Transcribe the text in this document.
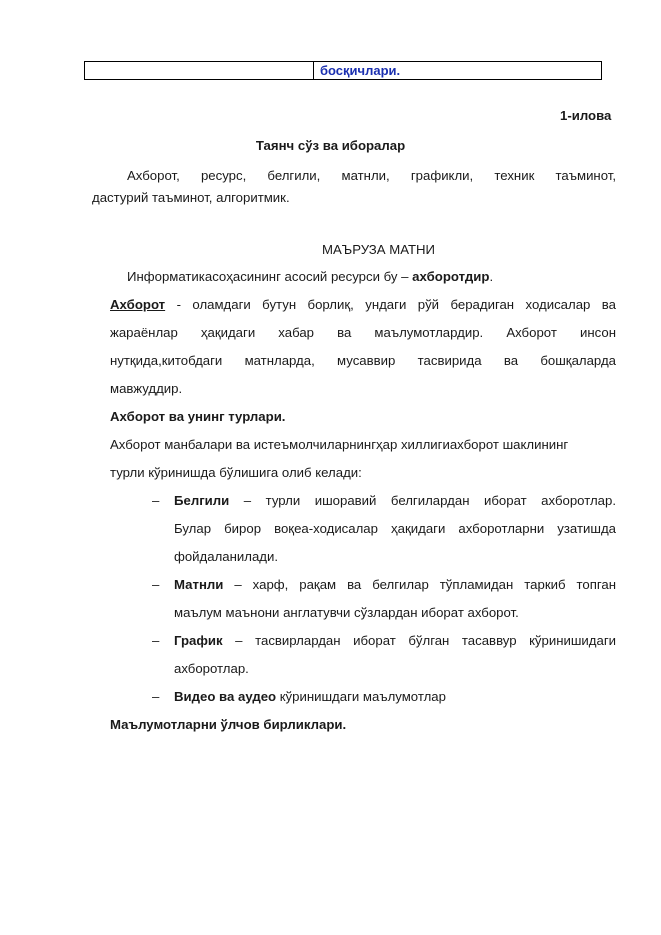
босқичлари.
1-илова
Таянч сўз ва иборалар
Ахборот, ресурс, белгили, матнли, графикли, техник таъминот,
дастурий таъминот, алгоритмик.
МАЪРУЗА МАТНИ
Информатикасоҳасининг асосий ресурси бу – ахборотдир.
Ахборот - оламдаги бутун борлиқ, ундаги рўй берадиган ходисалар ва
жараёнлар ҳақидаги хабар ва маълумотлардир. Ахборот инсон
нутқида,китобдаги матнларда, мусаввир тасвирида ва бошқаларда
мавжуддир.
Ахборот ва унинг турлари.
Ахборот манбалари ва истеъмолчиларнингҳар хиллигиахборот шаклининг
турли кўринишда бўлишига олиб келади:
– Белгили – турли ишоравий белгилардан иборат ахборотлар.
Булар бирор воқеа-ходисалар ҳақидаги ахборотларни узатишда
фойдаланилади.
– Матнли – харф, рақам ва белгилар тўпламидан таркиб топган
маълум маънони англатувчи сўзлардан иборат ахборот.
– График – тасвирлардан иборат бўлган тасаввур кўринишидаги
ахборотлар.
– Видео ва аудео кўринишдаги маълумотлар
Маълумотларни ўлчов бирликлари.
